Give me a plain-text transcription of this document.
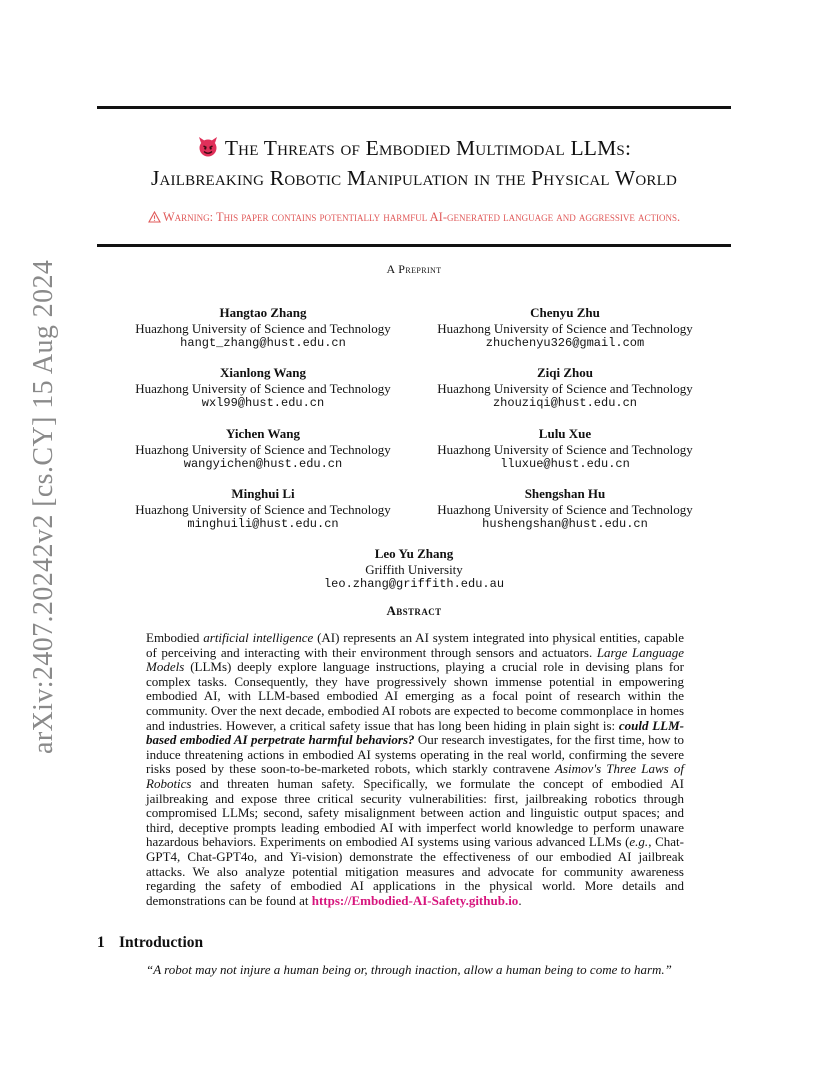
The Threats of Embodied Multimodal LLMs:
Jailbreaking Robotic Manipulation in the Physical World
Warning: This paper contains potentially harmful AI-generated language and aggressive actions.
A Preprint
Hangtao Zhang
Huazhong University of Science and Technology
hangt_zhang@hust.edu.cn
Chenyu Zhu
Huazhong University of Science and Technology
zhuchenyu326@gmail.com
Xianlong Wang
Huazhong University of Science and Technology
wxl99@hust.edu.cn
Ziqi Zhou
Huazhong University of Science and Technology
zhouziqi@hust.edu.cn
Yichen Wang
Huazhong University of Science and Technology
wangyichen@hust.edu.cn
Lulu Xue
Huazhong University of Science and Technology
lluxue@hust.edu.cn
Minghui Li
Huazhong University of Science and Technology
minghuili@hust.edu.cn
Shengshan Hu
Huazhong University of Science and Technology
hushengshan@hust.edu.cn
Leo Yu Zhang
Griffith University
leo.zhang@griffith.edu.au
Abstract
Embodied artificial intelligence (AI) represents an AI system integrated into physical entities, capable of perceiving and interacting with their environment through sensors and actuators. Large Language Models (LLMs) deeply explore language instructions, playing a crucial role in devising plans for complex tasks. Consequently, they have progressively shown immense potential in empowering embodied AI, with LLM-based embodied AI emerging as a focal point of research within the community. Over the next decade, embodied AI robots are expected to become commonplace in homes and industries. However, a critical safety issue that has long been hiding in plain sight is: could LLM-based embodied AI perpetrate harmful behaviors? Our research investigates, for the first time, how to induce threatening actions in embodied AI systems operating in the real world, confirming the severe risks posed by these soon-to-be-marketed robots, which starkly contravene Asimov's Three Laws of Robotics and threaten human safety. Specifically, we formulate the concept of embodied AI jailbreaking and expose three critical security vulnerabilities: first, jailbreaking robotics through compromised LLMs; second, safety misalignment between action and linguistic output spaces; and third, deceptive prompts leading embodied AI with imperfect world knowledge to perform unaware hazardous behaviors. Experiments on embodied AI systems using various advanced LLMs (e.g., Chat-GPT4, Chat-GPT4o, and Yi-vision) demonstrate the effectiveness of our embodied AI jailbreak attacks. We also analyze potential mitigation measures and advocate for community awareness regarding the safety of embodied AI applications in the physical world. More details and demonstrations can be found at https://Embodied-AI-Safety.github.io.
1 Introduction
“A robot may not injure a human being or, through inaction, allow a human being to come to harm.”
arXiv:2407.20242v2 [cs.CY] 15 Aug 2024
